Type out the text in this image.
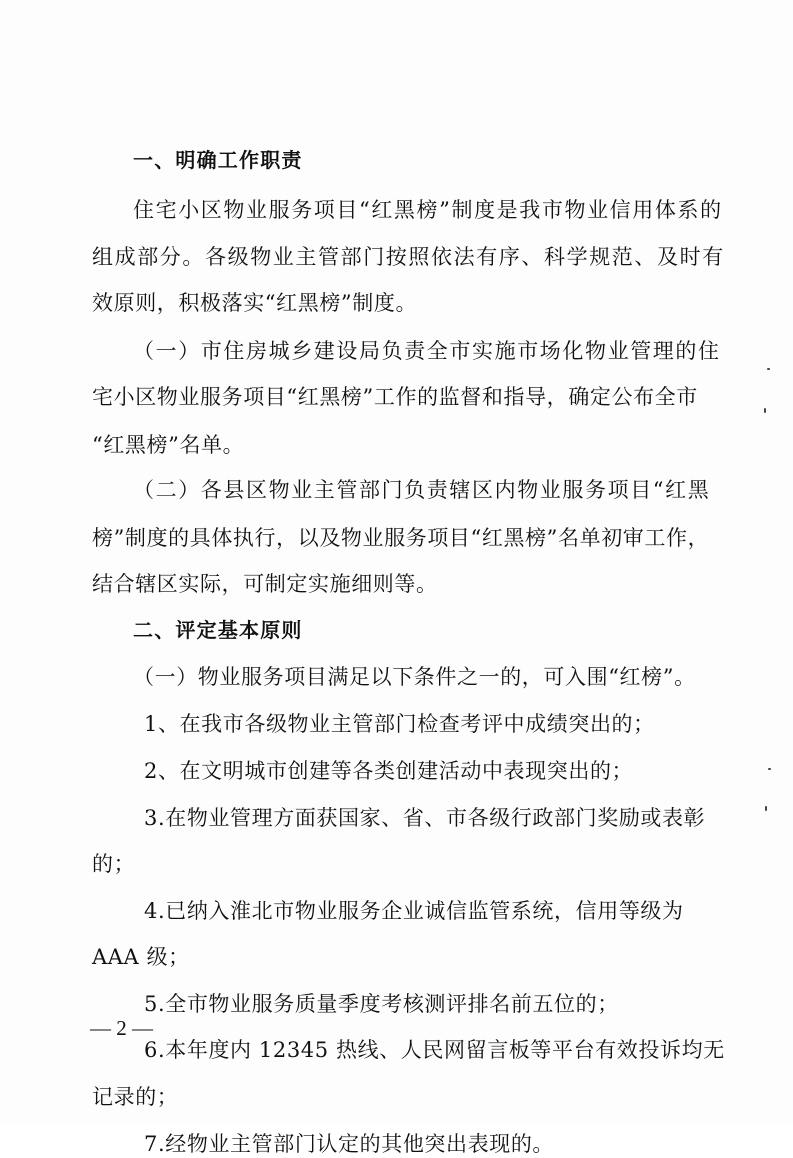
一、明确工作职责
住宅小区物业服务项目“红黑榜”制度是我市物业信用体系的
组成部分。各级物业主管部门按照依法有序、科学规范、及时有
效原则，积极落实“红黑榜”制度。
（一）市住房城乡建设局负责全市实施市场化物业管理的住
宅小区物业服务项目“红黑榜”工作的监督和指导，确定公布全市
“红黑榜”名单。
（二）各县区物业主管部门负责辖区内物业服务项目“红黑
榜”制度的具体执行，以及物业服务项目“红黑榜”名单初审工作，
结合辖区实际，可制定实施细则等。
二、评定基本原则
（一）物业服务项目满足以下条件之一的，可入围“红榜”。
1、在我市各级物业主管部门检查考评中成绩突出的；
2、在文明城市创建等各类创建活动中表现突出的；
3.在物业管理方面获国家、省、市各级行政部门奖励或表彰
的；
4.已纳入淮北市物业服务企业诚信监管系统，信用等级为
AAA 级；
5.全市物业服务质量季度考核测评排名前五位的；
6.本年度内 12345 热线、人民网留言板等平台有效投诉均无
记录的；
7.经物业主管部门认定的其他突出表现的。
— 2 —
